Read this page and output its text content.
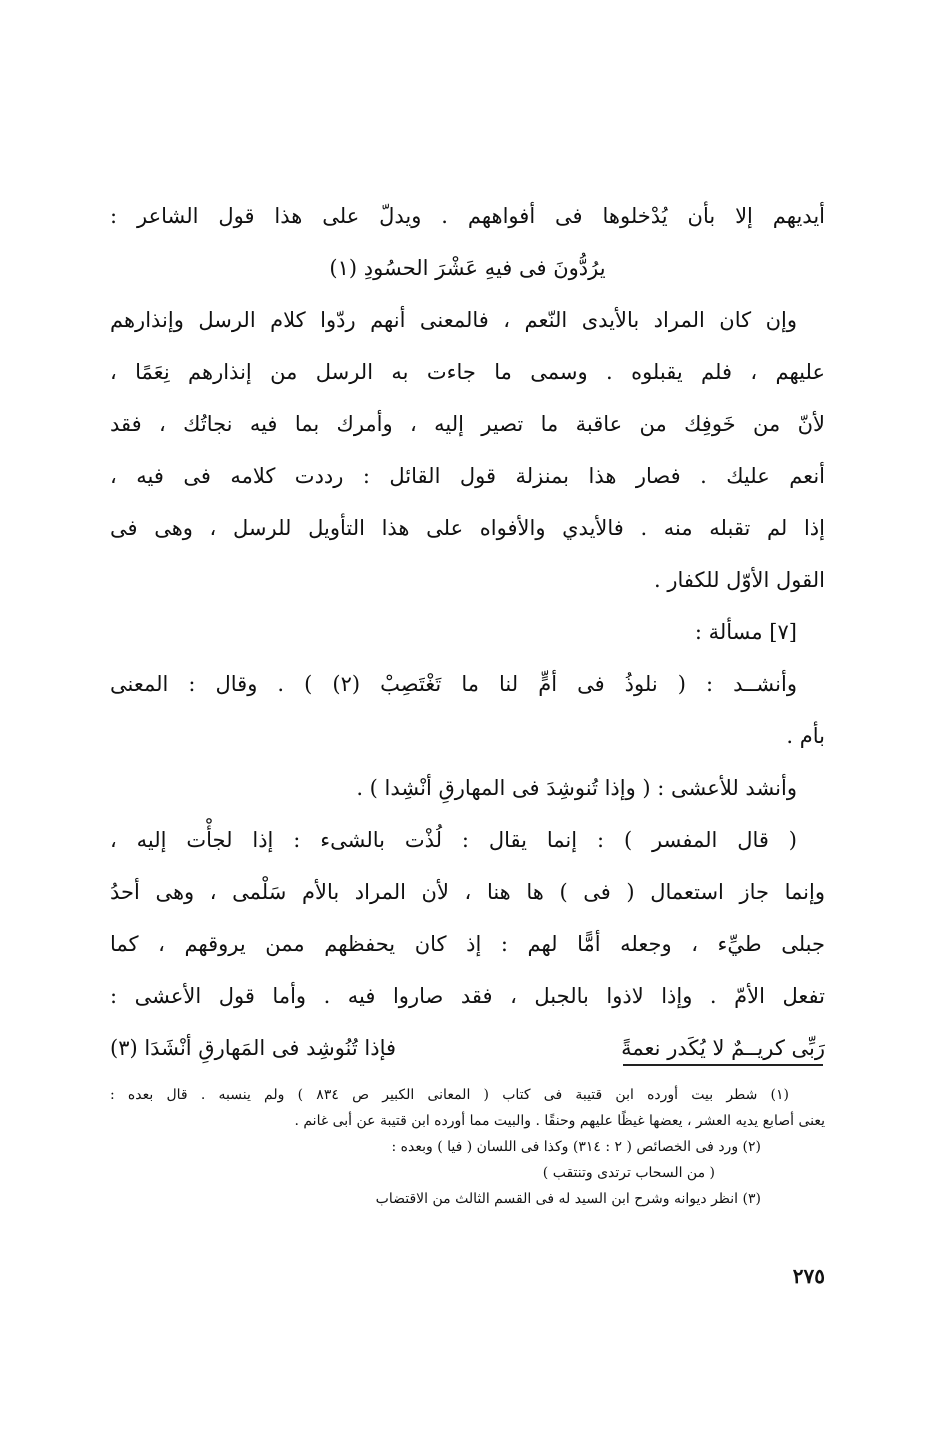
أيديهم إلا بأن يُدْخلوها فى أفواههم . ويدلّ على هذا قول الشاعر :
يرُدُّونَ فى فيهِ عَشْرَ الحسُودِ (١)
وإن كان المراد بالأيدى النّعم ، فالمعنى أنهم ردّوا كلام الرسل وإنذارهم
عليهم ، فلم يقبلوه . وسمى ما جاءت به الرسل من إنذارهم نِعَمًا ،
لأنّ من خَوفِك من عاقبة ما تصير إليه ، وأمرك بما فيه نجاتُك ، فقد
أنعم عليك . فصار هذا بمنزلة قول القائل : رددت كلامه فى فيه ،
إذا لم تقبله منه . فالأيدي والأفواه على هذا التأويل للرسل ، وهى فى
القول الأوّل للكفار .
[٧] مسألة :
وأنشــد : ( نلوذُ فى أمٍّ لنا ما تَغْتَصِبْ (٢) ) . وقال : المعنى
بأم .
وأنشد للأعشى : ( وإذا تُنوشِدَ فى المهارقِ أنْشِدا ) .
( قال المفسر ) : إنما يقال : لُذْت بالشىء : إذا لجأْت إليه ،
وإنما جاز استعمال ( فى ) ها هنا ، لأن المراد بالأم سَلْمى ، وهى أحدُ
جبلى طيِّء ، وجعله أمًّا لهم : إذ كان يحفظهم ممن يروقهم ، كما
تفعل الأمّ . وإذا لاذوا بالجبل ، فقد صاروا فيه . وأما قول الأعشى :
رَبِّى كريــمٌ لا يُكَدر نعمةً
فإذا تُنُوشِد فى المَهارقِ أنْشَدَا (٣)
(١) شطر بيت أورده ابن قتيبة فى كتاب ( المعانى الكبير ص ٨٣٤ ) ولم ينسبه . قال بعده :
يعنى أصابع يديه العشر ، يعضها غيظًا عليهم وحنقًا . والبيت مما أورده ابن قتيبة عن أبى غانم .
(٢) ورد فى الخصائص ( ٢ : ٣١٤) وكذا فى اللسان ( فيا ) وبعده :
( من السحاب ترتدى وتنتقب )
(٣) انظر ديوانه وشرح ابن السيد له فى القسم الثالث من الاقتضاب
٢٧٥
